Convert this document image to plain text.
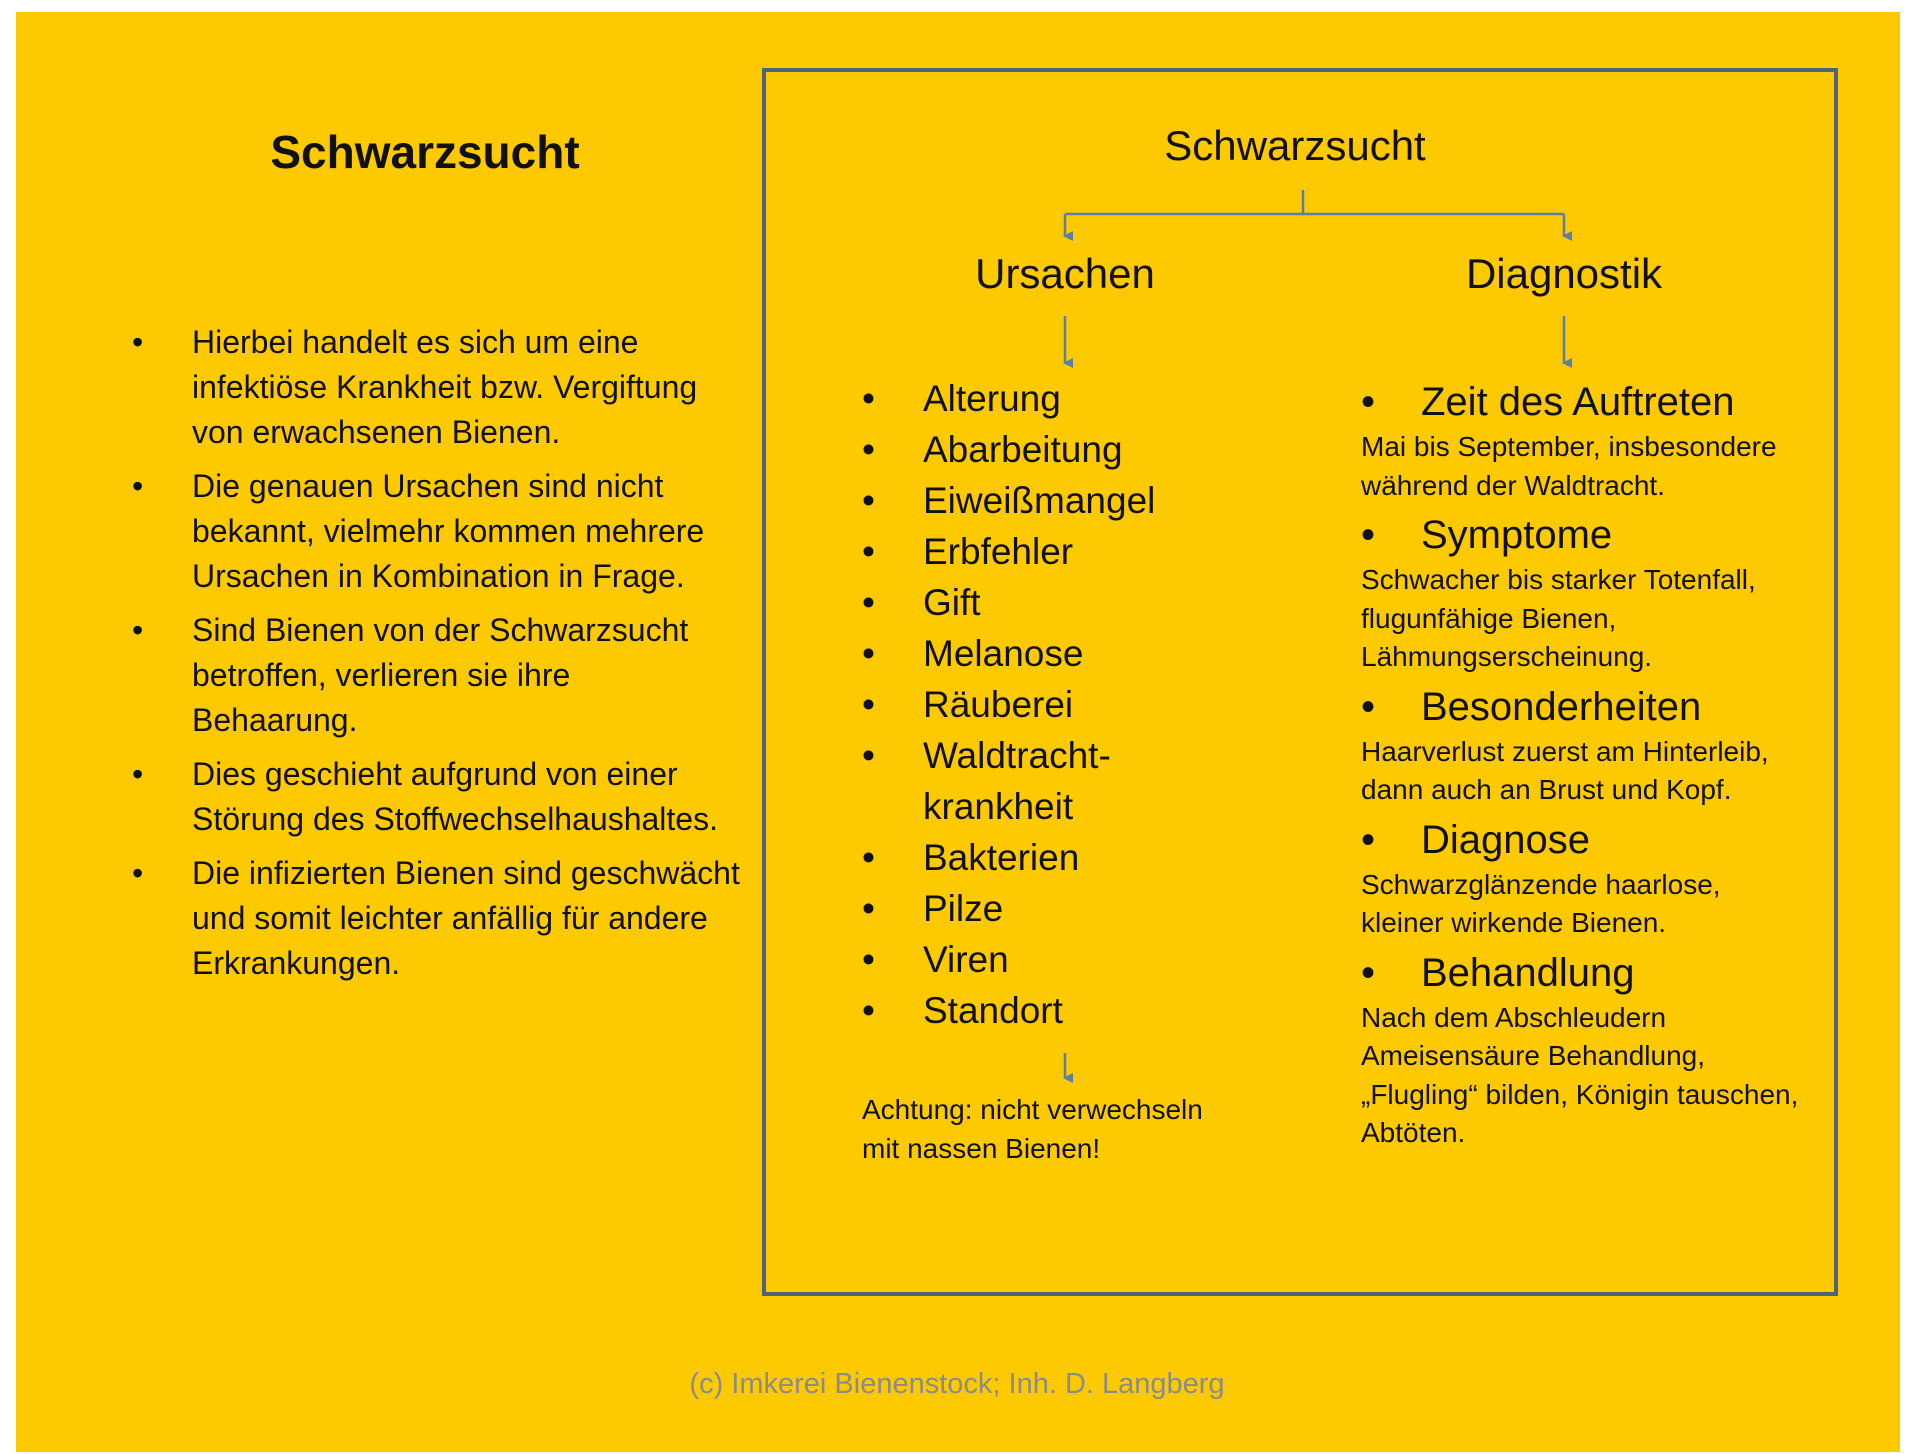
Schwarzsucht
• Hierbei handelt es sich um eine infektiöse Krankheit bzw. Vergiftung von erwachsenen Bienen.
• Die genauen Ursachen sind nicht bekannt, vielmehr kommen mehrere Ursachen in Kombination in Frage.
• Sind Bienen von der Schwarzsucht betroffen, verlieren sie ihre Behaarung.
• Dies geschieht aufgrund von einer Störung des Stoffwechselhaushaltes.
• Die infizierten Bienen sind geschwächt und somit leichter anfällig für andere Erkrankungen.
Schwarzsucht
Ursachen	Diagnostik
• Alterung
• Abarbeitung
• Eiweißmangel
• Erbfehler
• Gift
• Melanose
• Räuberei
• Waldtracht-krankheit
• Bakterien
• Pilze
• Viren
• Standort
Achtung: nicht verwechseln mit nassen Bienen!
• Zeit des Auftreten
Mai bis September, insbesondere während der Waldtracht.
• Symptome
Schwacher bis starker Totenfall, flugunfähige Bienen, Lähmungserscheinung.
• Besonderheiten
Haarverlust zuerst am Hinterleib, dann auch an Brust und Kopf.
• Diagnose
Schwarzglänzende haarlose, kleiner wirkende Bienen.
• Behandlung
Nach dem Abschleudern Ameisensäure Behandlung, „Flugling“ bilden, Königin tauschen, Abtöten.
(c) Imkerei Bienenstock; Inh. D. Langberg
